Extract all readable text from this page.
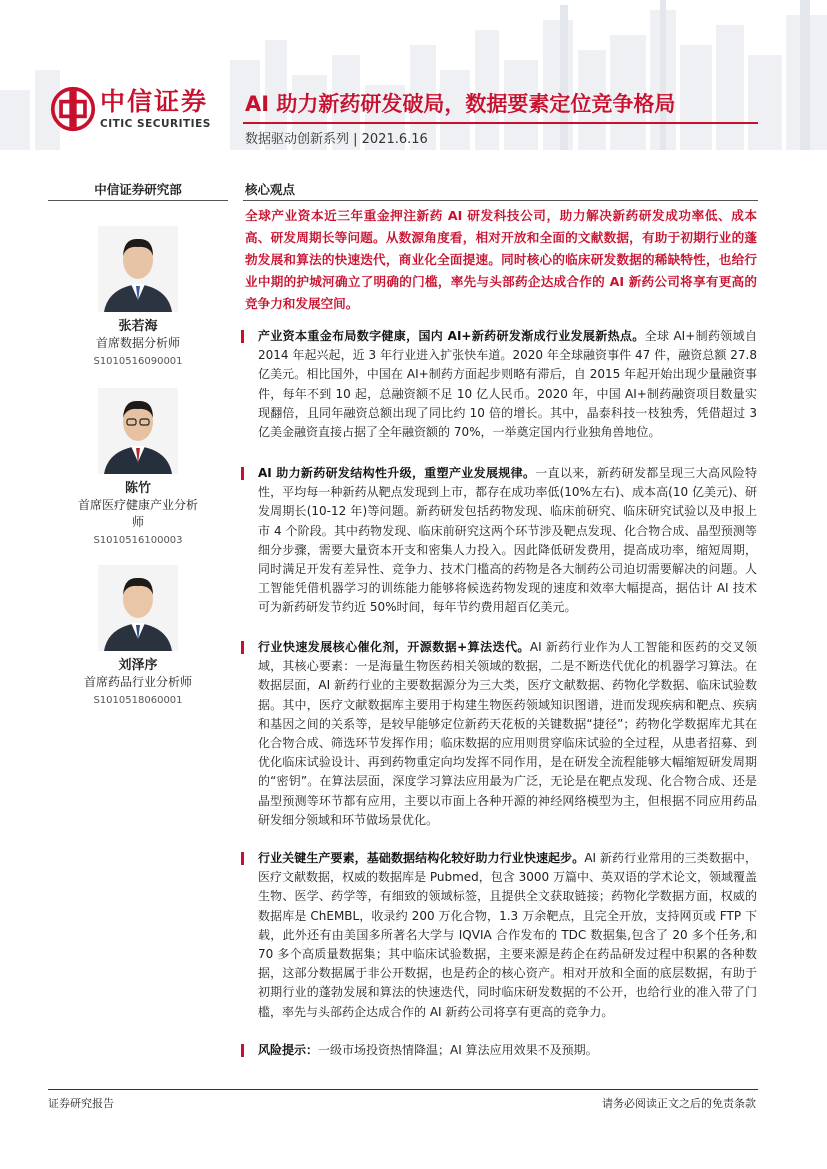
中信证券
CITIC SECURITIES
AI 助力新药研发破局，数据要素定位竞争格局
数据驱动创新系列 | 2021.6.16
中信证券研究部
张若海
首席数据分析师
S1010516090001
陈竹
首席医疗健康产业分析师
S1010516100003
刘泽序
首席药品行业分析师
S1010518060001
核心观点
全球产业资本近三年重金押注新药 AI 研发科技公司，助力解决新药研发成功率低、成本高、研发周期长等问题。从数源角度看，相对开放和全面的文献数据，有助于初期行业的蓬勃发展和算法的快速迭代，商业化全面提速。同时核心的临床研发数据的稀缺特性，也给行业中期的护城河确立了明确的门槛，率先与头部药企达成合作的 AI 新药公司将享有更高的竞争力和发展空间。
产业资本重金布局数字健康，国内 AI+新药研发渐成行业发展新热点。全球 AI+制药领域自 2014 年起兴起，近 3 年行业进入扩张快车道。2020 年全球融资事件 47 件，融资总额 27.8 亿美元。相比国外，中国在 AI+制药方面起步则略有滞后，自 2015 年起开始出现少量融资事件，每年不到 10 起，总融资额不足 10 亿人民币。2020 年，中国 AI+制药融资项目数量实现翻倍，且同年融资总额出现了同比约 10 倍的增长。其中，晶泰科技一枝独秀，凭借超过 3 亿美金融资直接占据了全年融资额的 70%，一举奠定国内行业独角兽地位。
AI 助力新药研发结构性升级，重塑产业发展规律。一直以来，新药研发都呈现三大高风险特性，平均每一种新药从靶点发现到上市，都存在成功率低(10%左右)、成本高(10 亿美元)、研发周期长(10-12 年)等问题。新药研发包括药物发现、临床前研究、临床研究试验以及申报上市 4 个阶段。其中药物发现、临床前研究这两个环节涉及靶点发现、化合物合成、晶型预测等细分步骤，需要大量资本开支和密集人力投入。因此降低研发费用，提高成功率，缩短周期，同时满足开发有差异性、竞争力、技术门槛高的药物是各大制药公司迫切需要解决的问题。人工智能凭借机器学习的训练能力能够将候选药物发现的速度和效率大幅提高，据估计 AI 技术可为新药研发节约近 50%时间，每年节约费用超百亿美元。
行业快速发展核心催化剂，开源数据+算法迭代。AI 新药行业作为人工智能和医药的交叉领域，其核心要素：一是海量生物医药相关领域的数据，二是不断迭代优化的机器学习算法。在数据层面，AI 新药行业的主要数据源分为三大类，医疗文献数据、药物化学数据、临床试验数据。其中，医疗文献数据库主要用于构建生物医药领域知识图谱，进而发现疾病和靶点、疾病和基因之间的关系等，是较早能够定位新药天花板的关键数据“捷径”；药物化学数据库尤其在化合物合成、筛选环节发挥作用；临床数据的应用则贯穿临床试验的全过程，从患者招募、到优化临床试验设计、再到药物重定向均发挥不同作用，是在研发全流程能够大幅缩短研发周期的“密钥”。在算法层面，深度学习算法应用最为广泛，无论是在靶点发现、化合物合成、还是晶型预测等环节都有应用，主要以市面上各种开源的神经网络模型为主，但根据不同应用药品研发细分领域和环节做场景优化。
行业关键生产要素，基础数据结构化较好助力行业快速起步。AI 新药行业常用的三类数据中，医疗文献数据，权威的数据库是 Pubmed，包含 3000 万篇中、英双语的学术论文，领域覆盖生物、医学、药学等，有细致的领域标签，且提供全文获取链接；药物化学数据方面，权威的数据库是 ChEMBL，收录约 200 万化合物，1.3 万余靶点，且完全开放，支持网页或 FTP 下载，此外还有由美国多所著名大学与 IQVIA 合作发布的 TDC 数据集,包含了 20 多个任务,和 70 多个高质量数据集；其中临床试验数据，主要来源是药企在药品研发过程中积累的各种数据，这部分数据属于非公开数据，也是药企的核心资产。相对开放和全面的底层数据，有助于初期行业的蓬勃发展和算法的快速迭代，同时临床研发数据的不公开，也给行业的准入带了门槛，率先与头部药企达成合作的 AI 新药公司将享有更高的竞争力。
风险提示：一级市场投资热情降温；AI 算法应用效果不及预期。
证券研究报告	请务必阅读正文之后的免责条款
